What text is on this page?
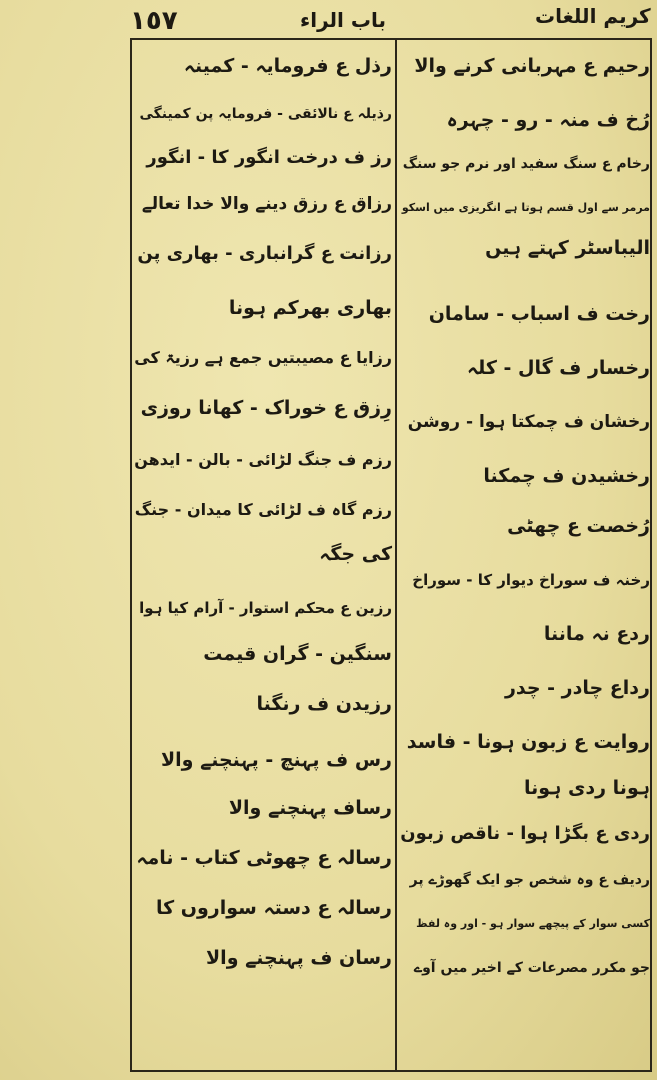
١٥٧	باب الراء	کریم اللغات
رحیم ع مہربانی کرنے والا
رُخ ف منہ - رو - چہرہ
رخام ع سنگ سفید اور نرم جو سنگ
مرمر سے اول قسم ہوتا ہے انگریزی میں اسکو
الیباسٹر کہتے ہیں
رخت ف اسباب - سامان
رخسار ف گال - کلہ
رخشان ف چمکتا ہوا - روشن
رخشیدن ف چمکنا
رُخصت ع چھٹی
رخنہ ف سوراخ دیوار کا - سوراخ
ردع نہ ماننا
رداع چادر - چدر
روایت ع زبون ہونا - فاسد
ہونا ردی ہونا
ردی ع بگڑا ہوا - ناقص زبون
ردیف ع وہ شخص جو ایک گھوڑے پر
کسی سوار کے پیچھے سوار ہو - اور وہ لفظ
جو مکرر مصرعات کے اخیر میں آوے
رذل ع فرومایہ - کمینہ
رذیلہ ع نالائقی - فرومایہ پن کمینگی
رز ف درخت انگور کا - انگور
رزاق ع رزق دینے والا خدا تعالے
رزانت ع گرانباری - بھاری پن
بھاری بھرکم ہونا
رزایا ع مصیبتیں جمع ہے رزیۃ کی
رِزق ع خوراک - کھانا روزی
رزم ف جنگ لڑائی - بالن - ایدھن
رزم گاہ ف لڑائی کا میدان - جنگ
کی جگہ
رزین ع محکم استوار - آرام کیا ہوا
سنگین - گران قیمت
رزیدن ف رنگنا
رس ف پہنچ - پہنچنے والا
رساف پہنچنے والا
رسالہ ع چھوٹی کتاب - نامہ
رسالہ ع دستہ سواروں کا
رسان ف پہنچنے والا
